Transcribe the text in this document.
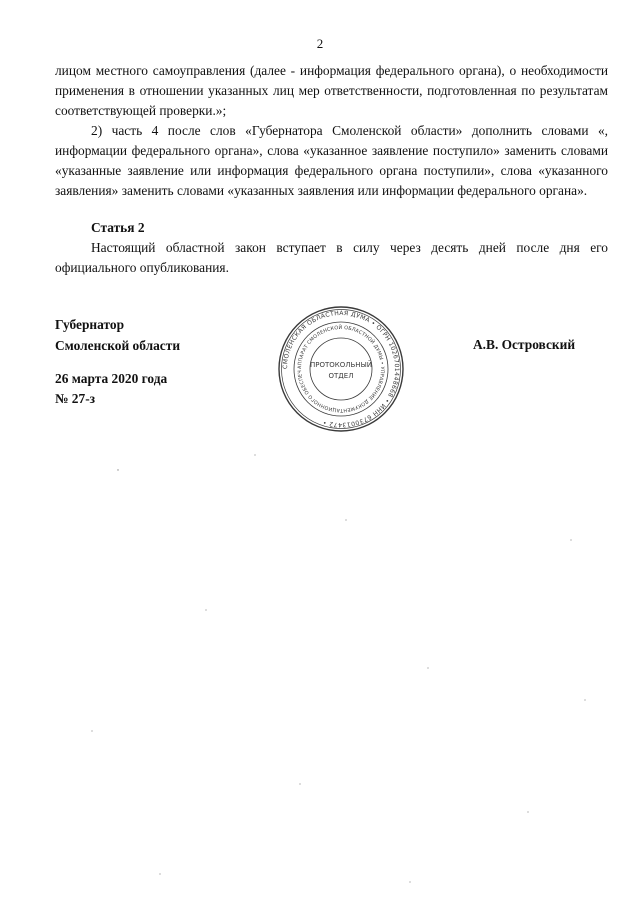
2

лицом местного самоуправления (далее - информация федерального органа), о необходимости применения в отношении указанных лиц мер ответственности, подготовленная по результатам соответствующей проверки.»;

2) часть 4 после слов «Губернатора Смоленской области» дополнить словами «, информации федерального органа», слова «указанное заявление поступило» заменить словами «указанные заявление или информация федерального органа поступили», слова «указанного заявления» заменить словами «указанных заявления или информации федерального органа».

Статья 2

Настоящий областной закон вступает в силу через десять дней после дня его официального опубликования.

Губернатор
Смоленской области	А.В. Островский
26 марта 2020 года
№ 27-з
СМОЛЕНСКАЯ ОБЛАСТНАЯ ДУМА • ОГРН 1026701448668 • ИНН 6730013472 •
АППАРАТ СМОЛЕНСКОЙ ОБЛАСТНОЙ ДУМЫ • УПРАВЛЕНИЕ ДОКУМЕНТАЦИОННОГО ОБЕСПЕЧ
ПРОТОКОЛЬНЫЙ
ОТДЕЛ
